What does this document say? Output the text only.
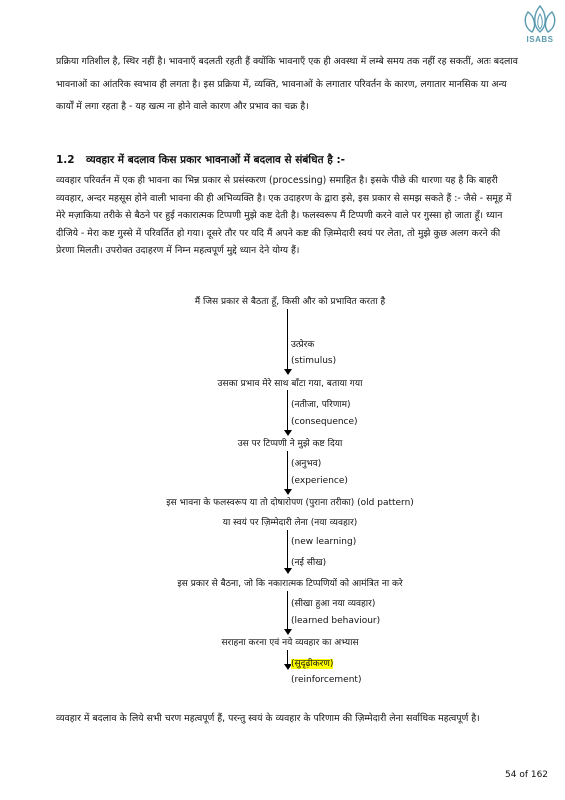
ISABS

प्रक्रिया गतिशील है, स्थिर नहीं है। भावनाएँ बदलती रहती हैं क्योंकि भावनाएँ एक ही अवस्था में लम्बे समय तक नहीं रह सकतीं, अतः बदलाव भावनाओं का आंतरिक स्वभाव ही लगता है। इस प्रक्रिया में, व्यक्ति, भावनाओं के लगातार परिवर्तन के कारण, लगातार मानसिक या अन्य कार्यों में लगा रहता है - यह खत्म ना होने वाले कारण और प्रभाव का चक्र है।

1.2 व्यवहार में बदलाव किस प्रकार भावनाओं में बदलाव से संबंधित है :-

व्यवहार परिवर्तन में एक ही भावना का भिन्न प्रकार से प्रसंस्करण (processing) समाहित है। इसके पीछे की धारणा यह है कि बाहरी व्यवहार, अन्दर महसूस होने वाली भावना की ही अभिव्यक्ति है। एक उदाहरण के द्वारा इसे, इस प्रकार से समझ सकते हैं :- जैसे - समूह में मेरे मज़ाकिया तरीके से बैठने पर हुई नकारात्मक टिप्पणी मुझे कष्ट देती है। फलस्वरूप मैं टिप्पणी करने वाले पर गुस्सा हो जाता हूँ। ध्यान दीजिये - मेरा कष्ट गुस्से में परिवर्तित हो गया। दूसरे तौर पर यदि मैं अपने कष्ट की ज़िम्मेदारी स्वयं पर लेता, तो मुझे कुछ अलग करने की प्रेरणा मिलती। उपरोक्त उदाहरण में निम्न महत्वपूर्ण मुद्दे ध्यान देने योग्य हैं।

मैं जिस प्रकार से बैठता हूँ, किसी और को प्रभावित करता है
उत्प्रेरक
(stimulus)
उसका प्रभाव मेरे साथ बाँटा गया, बताया गया
(नतीजा, परिणाम)
(consequence)
उस पर टिप्पणी ने मुझे कष्ट दिया
(अनुभव)
(experience)
इस भावना के फलस्वरूप या तो दोषारोपण (पुराना तरीका) (old pattern)
या स्वयं पर ज़िम्मेदारी लेना (नया व्यवहार)
(new learning)
(नई सीख)
इस प्रकार से बैठना, जो कि नकारात्मक टिप्पणियों को आमंत्रित ना करे
(सीखा हुआ नया व्यवहार)
(learned behaviour)
सराहना करना एवं नये व्यवहार का अभ्यास
(सुदृढ़ीकरण)
(reinforcement)

व्यवहार में बदलाव के लिये सभी चरण महत्वपूर्ण हैं, परन्तु स्वयं के व्यवहार के परिणाम की ज़िम्मेदारी लेना सर्वाधिक महत्वपूर्ण है।

54 of 162
